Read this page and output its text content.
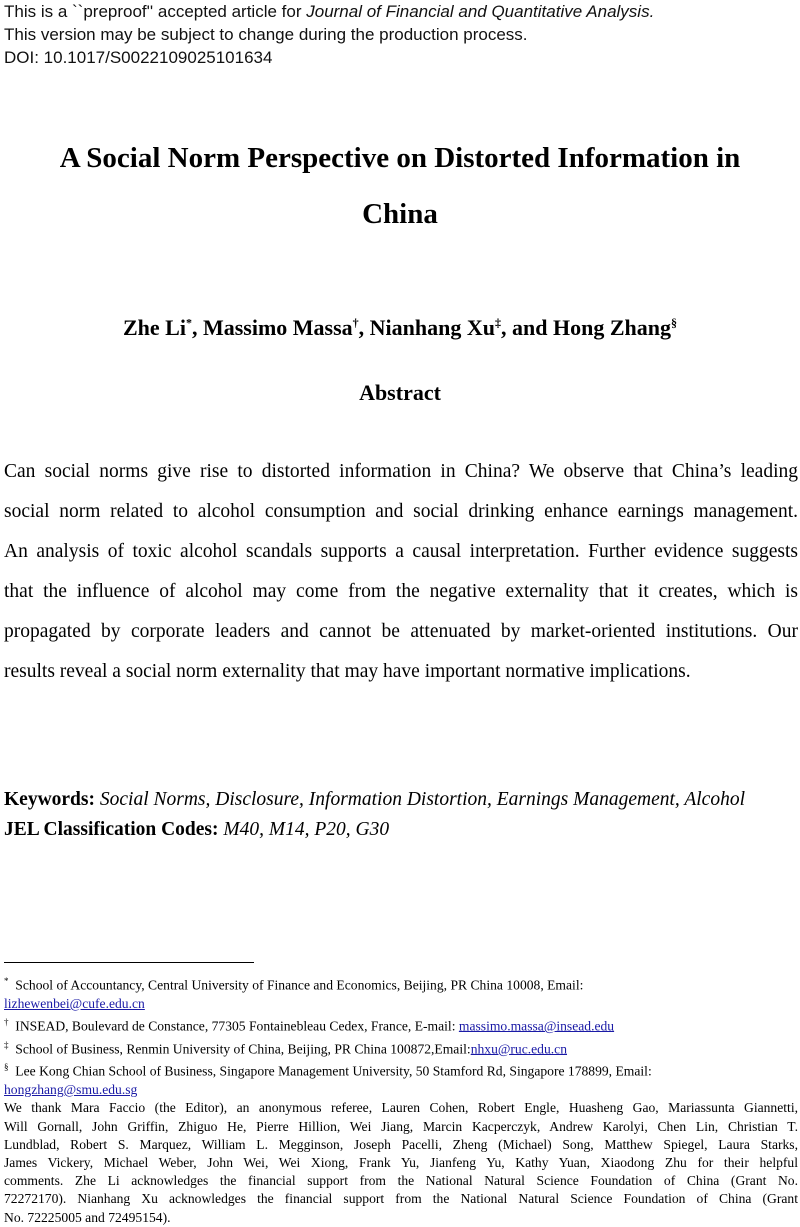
This is a ``preproof'' accepted article for Journal of Financial and Quantitative Analysis.
This version may be subject to change during the production process.
DOI: 10.1017/S0022109025101634
A Social Norm Perspective on Distorted Information in
China
Zhe Li*, Massimo Massa†, Nianhang Xu‡, and Hong Zhang§
Abstract
Can social norms give rise to distorted information in China? We observe that China’s leading
social norm related to alcohol consumption and social drinking enhance earnings management.
An analysis of toxic alcohol scandals supports a causal interpretation. Further evidence suggests
that the influence of alcohol may come from the negative externality that it creates, which is
propagated by corporate leaders and cannot be attenuated by market-oriented institutions. Our
results reveal a social norm externality that may have important normative implications.
Keywords: Social Norms, Disclosure, Information Distortion, Earnings Management, Alcohol
JEL Classification Codes: M40, M14, P20, G30
* School of Accountancy, Central University of Finance and Economics, Beijing, PR China 10008, Email:
lizhewenbei@cufe.edu.cn
† INSEAD, Boulevard de Constance, 77305 Fontainebleau Cedex, France, E-mail: massimo.massa@insead.edu
‡ School of Business, Renmin University of China, Beijing, PR China 100872,Email:nhxu@ruc.edu.cn
§ Lee Kong Chian School of Business, Singapore Management University, 50 Stamford Rd, Singapore 178899, Email:
hongzhang@smu.edu.sg
We thank Mara Faccio (the Editor), an anonymous referee, Lauren Cohen, Robert Engle, Huasheng Gao, Mariassunta Giannetti,
Will Gornall, John Griffin, Zhiguo He, Pierre Hillion, Wei Jiang, Marcin Kacperczyk, Andrew Karolyi, Chen Lin, Christian T.
Lundblad, Robert S. Marquez, William L. Megginson, Joseph Pacelli, Zheng (Michael) Song, Matthew Spiegel, Laura Starks,
James Vickery, Michael Weber, John Wei, Wei Xiong, Frank Yu, Jianfeng Yu, Kathy Yuan, Xiaodong Zhu for their helpful
comments. Zhe Li acknowledges the financial support from the National Natural Science Foundation of China (Grant No.
72272170). Nianhang Xu acknowledges the financial support from the National Natural Science Foundation of China (Grant
No. 72225005 and 72495154).
